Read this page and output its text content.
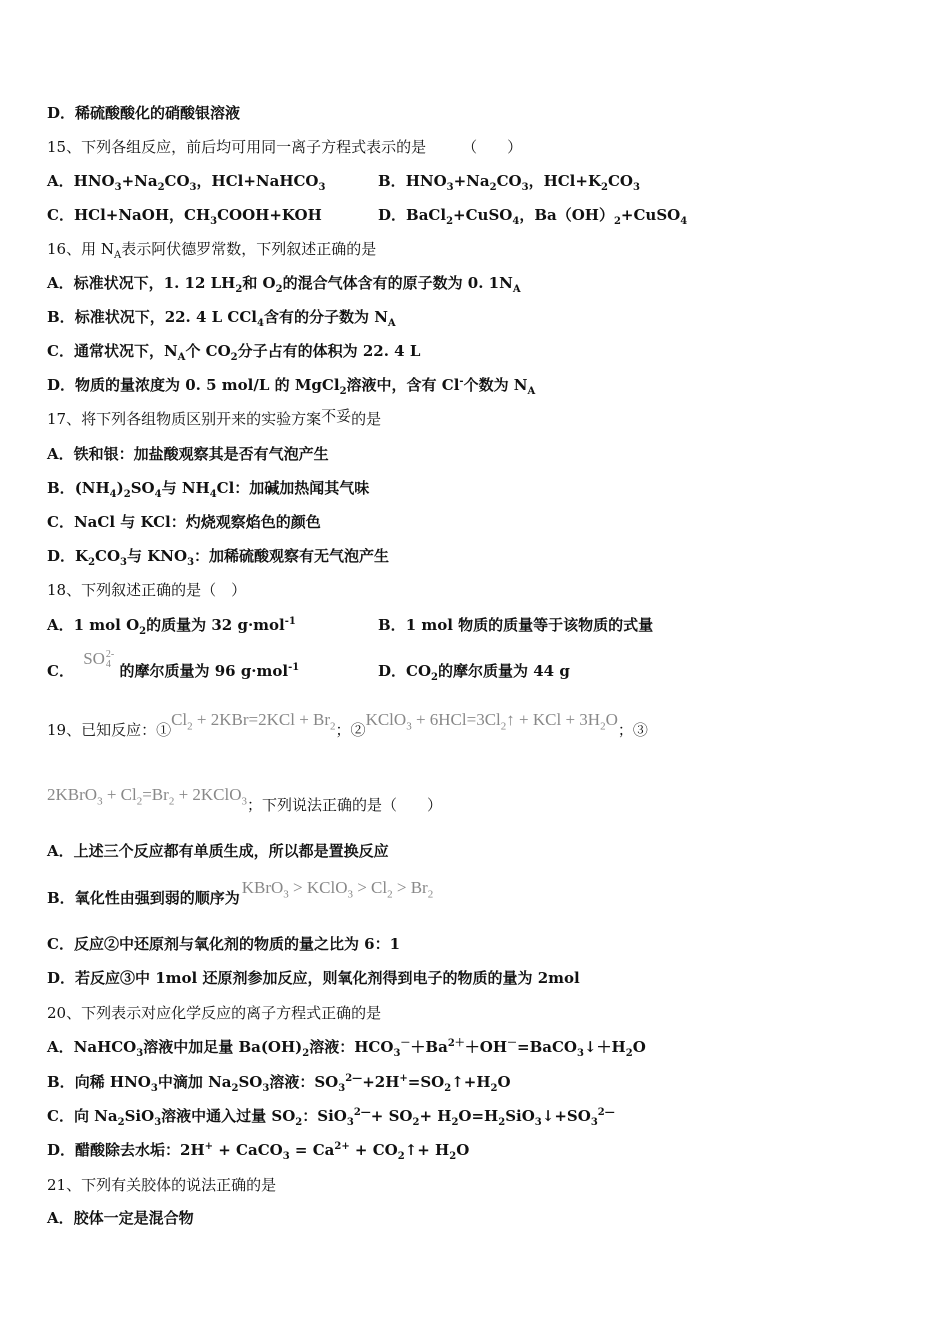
D．稀硫酸酸化的硝酸银溶液
15、下列各组反应，前后均可用同一离子方程式表示的是 （　　）
A．$HNO_3+Na_2CO_3$，HCl+NaHCO$_3$	B．$HNO_3+Na_2CO_3$，$HCl+K_2CO_3$
C．HCl+NaOH，$CH_3COOH+KOH$	D．BaCl$_2$+CuSO$_4$，$Ba(OH)_2+CuSO_4$
16、用 $N_A$表示阿伏德罗常数，下列叙述正确的是
A．标准状况下，1. 12 $LH_2$和 $O_2$的混合气体含有的原子数为 0. $1N_A$
B．标准状况下，22. 4 L CCl$_4$含有的分子数为 $N_A$
C．通常状况下，$N_A$个 $CO_2$分子占有的体积为 22. 4 L
D．物质的量浓度为 0. 5 mol/L 的 MgCl$_2$溶液中，含有 Cl-个数为 $N_A$
17、将下列各组物质区别开来的实验方案不妥的是
A．铁和银：加盐酸观察其是否有气泡产生
B．$(NH_4)_2SO_4$与 $NH_4Cl$：加碱加热闻其气味
C．NaCl 与 KCl：灼烧观察焰色的颜色
D．$K_2CO_3$与 $KNO_3$：加稀硫酸观察有无气泡产生
18、下列叙述正确的是（　）
A．1 mol $O_2$的质量为 32 g·mol$^{-1}$	B．1 mol 物质的质量等于该物质的式量
C． SO 2-
4 的摩尔质量为 96 g·mol$^{-1}$	D．$CO_2$的摩尔质量为 44 g
19、已知反应：$①Cl_2 + 2KBr=2KCl + Br_2$；②KClO$_3$ + $6HCl=3Cl_2↑$ + KCl + $3H_2O$；③
2KBrO$_3$ + $Cl_2=Br_2$ + 2KClO$_3$；下列说法正确的是（　　）
A．上述三个反应都有单质生成，所以都是置换反应
B．氧化性由强到弱的顺序为KBrO$_3$ > KClO$_3$ > $Cl_2 > Br_2$
C．反应②中还原剂与氧化剂的物质的量之比为 6：1
D．若反应③中 1mol 还原剂参加反应，则氧化剂得到电子的物质的量为 2mol
20、下列表示对应化学反应的离子方程式正确的是
A．NaHCO$_3$溶液中加足量 $Ba(OH)_2$溶液：$HCO_3^-+Ba^{2+}+OH^-=BaCO_3↓+H_2O$
B．向稀 $HNO_3$中滴加 $Na_2SO_3$溶液：$SO_3^{2—}+2H^+=SO_2↑+H_2O$
C．向 $Na_2SiO_3$溶液中通入过量 $SO_2$：$SiO_3^{2—}+ SO_2+$ $H_2O=H_2SiO_3↓+SO_3^{2—}$
D．醋酸除去水垢：2H+ + CaCO$_3$ = $Ca^{2+}$ + $CO_2↑+ H_2O$
21、下列有关胶体的说法正确的是
A．胶体一定是混合物
